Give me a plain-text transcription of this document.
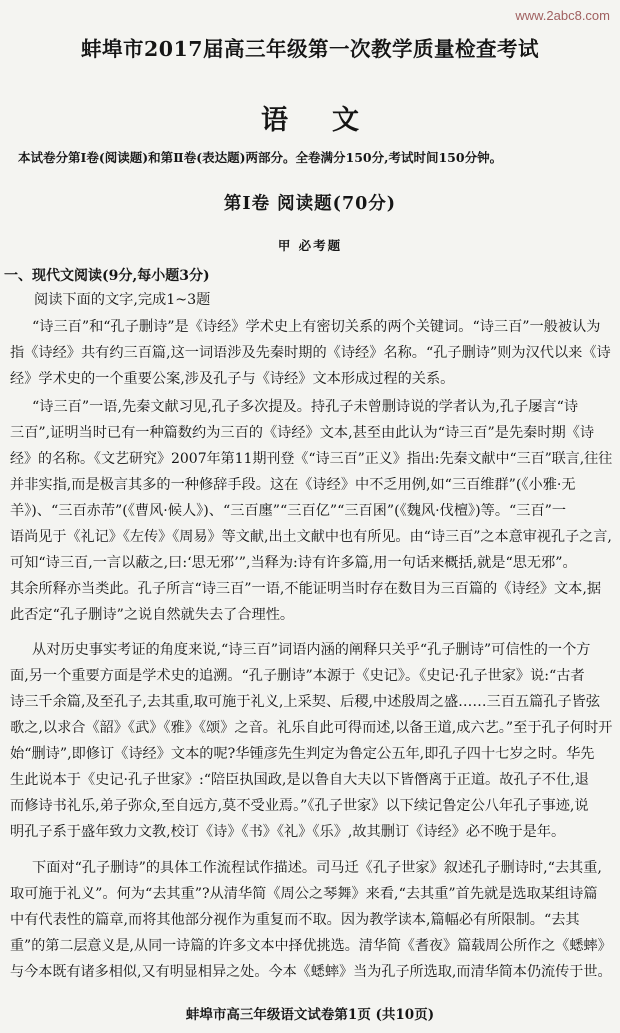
www.2abc8.com
蚌埠市2017届高三年级第一次教学质量检查考试
语文
本试卷分第Ⅰ卷(阅读题)和第Ⅱ卷(表达题)两部分。全卷满分150分,考试时间150分钟。
第Ⅰ卷 阅读题(70分)
甲 必考题
一、现代文阅读(9分,每小题3分)
阅读下面的文字,完成1~3题
“诗三百”和“孔子删诗”是《诗经》学术史上有密切关系的两个关键词。“诗三百”一般被认为
指《诗经》共有约三百篇,这一词语涉及先秦时期的《诗经》名称。“孔子删诗”则为汉代以来《诗
经》学术史的一个重要公案,涉及孔子与《诗经》文本形成过程的关系。
“诗三百”一语,先秦文献习见,孔子多次提及。持孔子未曾删诗说的学者认为,孔子屡言“诗
三百”,证明当时已有一种篇数约为三百的《诗经》文本,甚至由此认为“诗三百”是先秦时期《诗
经》的名称。《文艺研究》2007年第11期刊登《“诗三百”正义》指出:先秦文献中“三百”联言,往往
并非实指,而是极言其多的一种修辞手段。这在《诗经》中不乏用例,如“三百维群”(《小雅·无
羊》)、“三百赤芾”(《曹风·候人》)、“三百廛”“三百亿”“三百囷”(《魏风·伐檀》)等。“三百”一
语尚见于《礼记》《左传》《周易》等文献,出土文献中也有所见。由“诗三百”之本意审视孔子之言,
可知“诗三百,一言以蔽之,曰:‘思无邪’”,当释为:诗有许多篇,用一句话来概括,就是“思无邪”。
其余所释亦当类此。孔子所言“诗三百”一语,不能证明当时存在数目为三百篇的《诗经》文本,据
此否定“孔子删诗”之说自然就失去了合理性。
从对历史事实考证的角度来说,“诗三百”词语内涵的阐释只关乎“孔子删诗”可信性的一个方
面,另一个重要方面是学术史的追溯。“孔子删诗”本源于《史记》。《史记·孔子世家》说:“古者
诗三千余篇,及至孔子,去其重,取可施于礼义,上采契、后稷,中述殷周之盛……三百五篇孔子皆弦
歌之,以求合《韶》《武》《雅》《颂》之音。礼乐自此可得而述,以备王道,成六艺。”至于孔子何时开
始“删诗”,即修订《诗经》文本的呢?华锺彦先生判定为鲁定公五年,即孔子四十七岁之时。华先
生此说本于《史记·孔子世家》:“陪臣执国政,是以鲁自大夫以下皆僭离于正道。故孔子不仕,退
而修诗书礼乐,弟子弥众,至自远方,莫不受业焉。”《孔子世家》以下续记鲁定公八年孔子事迹,说
明孔子系于盛年致力文教,校订《诗》《书》《礼》《乐》,故其删订《诗经》必不晚于是年。
下面对“孔子删诗”的具体工作流程试作描述。司马迁《孔子世家》叙述孔子删诗时,“去其重,
取可施于礼义”。何为“去其重”?从清华简《周公之琴舞》来看,“去其重”首先就是选取某组诗篇
中有代表性的篇章,而将其他部分视作为重复而不取。因为教学读本,篇幅必有所限制。“去其
重”的第二层意义是,从同一诗篇的许多文本中择优挑选。清华简《耆夜》篇载周公所作之《蟋蟀》
与今本既有诸多相似,又有明显相异之处。今本《蟋蟀》当为孔子所选取,而清华简本仍流传于世。
蚌埠市高三年级语文试卷第1页 (共10页)
